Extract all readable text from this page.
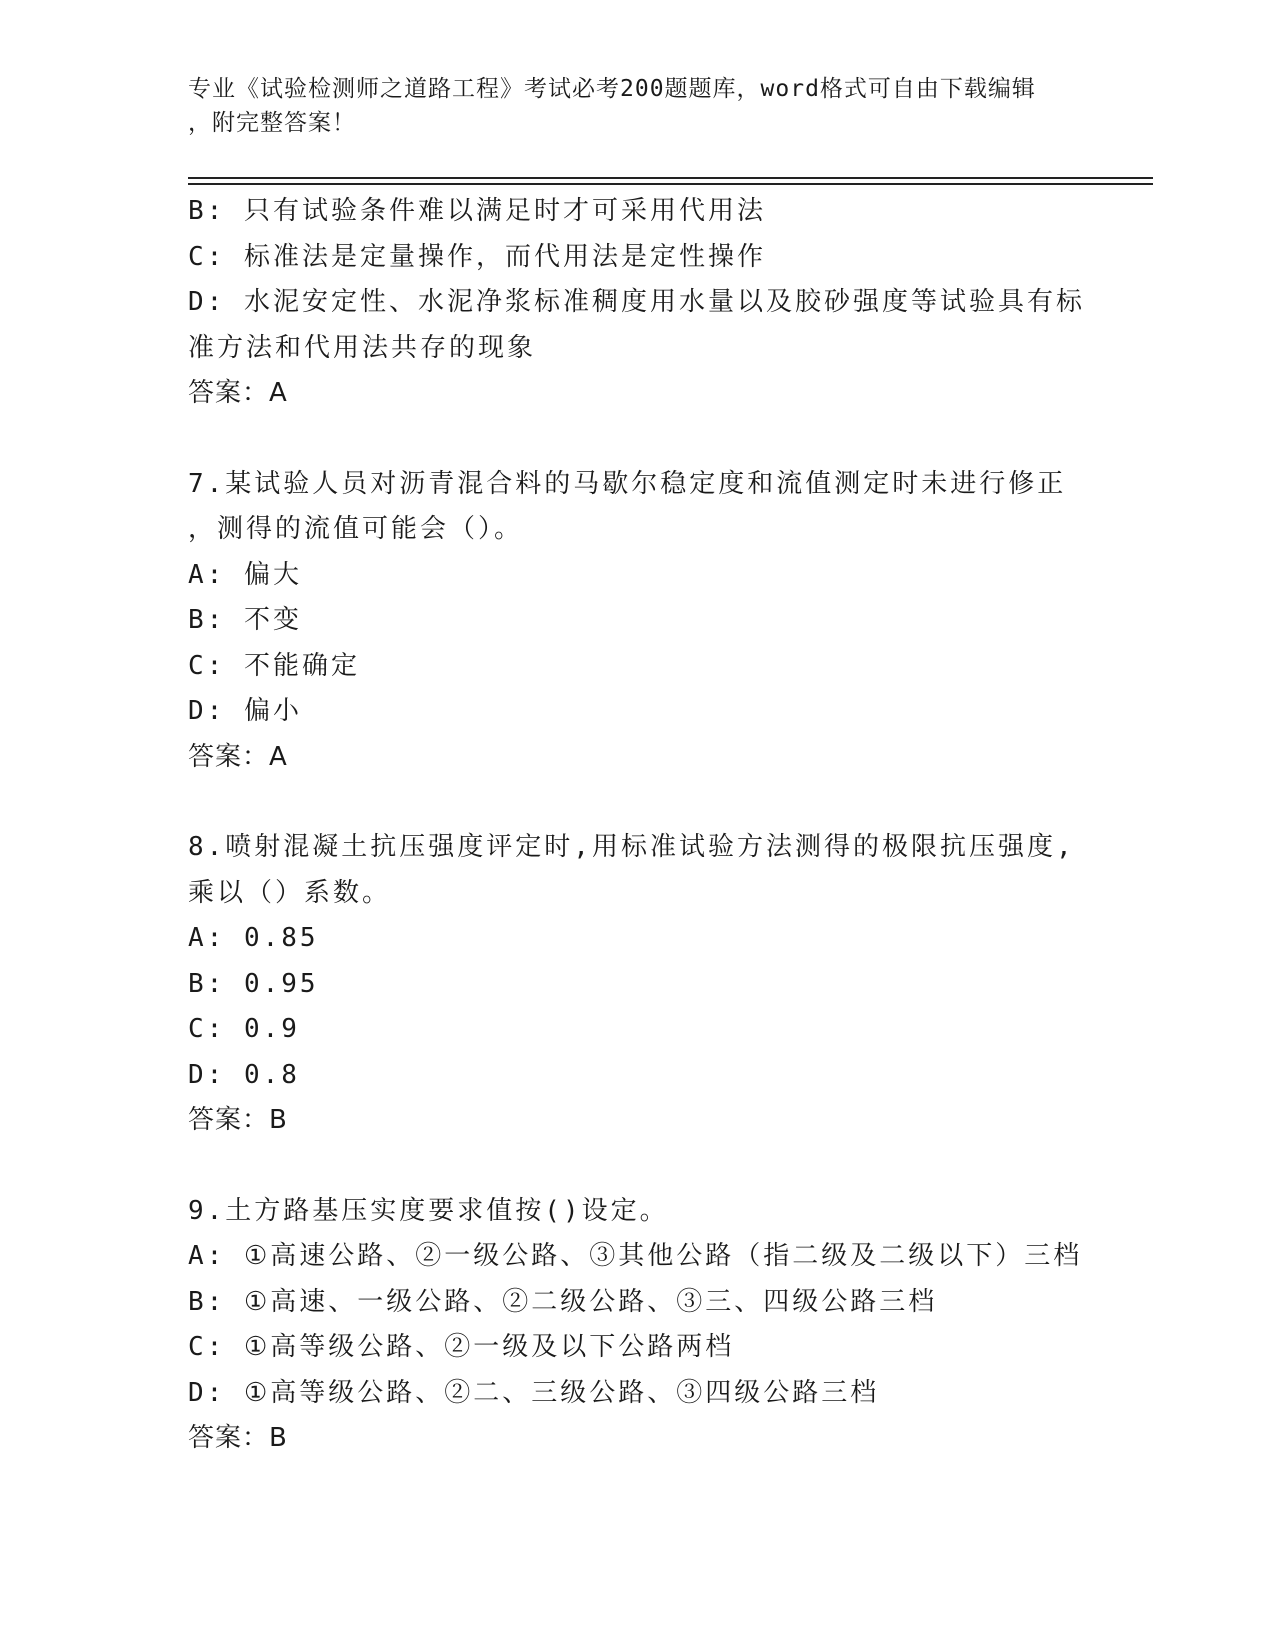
专业《试验检测师之道路工程》考试必考200题题库，word格式可自由下载编辑
，附完整答案！
B: 只有试验条件难以满足时才可采用代用法
C: 标准法是定量操作，而代用法是定性操作
D: 水泥安定性、水泥净浆标准稠度用水量以及胶砂强度等试验具有标
准方法和代用法共存的现象
答案：A
7.某试验人员对沥青混合料的马歇尔稳定度和流值测定时未进行修正
，测得的流值可能会（）。
A: 偏大
B: 不变
C: 不能确定
D: 偏小
答案：A
8.喷射混凝土抗压强度评定时,用标准试验方法测得的极限抗压强度,
乘以（）系数。
A: 0.85
B: 0.95
C: 0.9
D: 0.8
答案：B
9.土方路基压实度要求值按()设定。
A: ①高速公路、②一级公路、③其他公路（指二级及二级以下）三档
B: ①高速、一级公路、②二级公路、③三、四级公路三档
C: ①高等级公路、②一级及以下公路两档
D: ①高等级公路、②二、三级公路、③四级公路三档
答案：B
